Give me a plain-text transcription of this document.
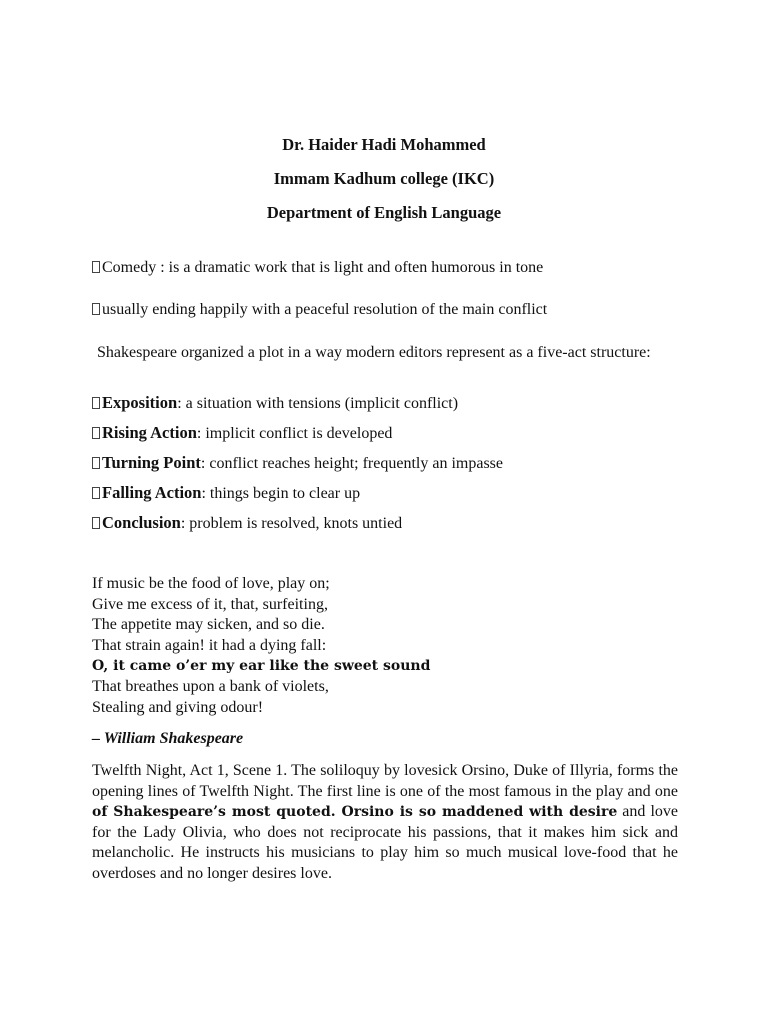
Dr. Haider Hadi Mohammed
Immam Kadhum college (IKC)
Department of English Language
Comedy : is a dramatic work that is light and often humorous in tone
usually ending happily with a peaceful resolution of the main conflict
Shakespeare organized a plot in a way modern editors represent as a five-act structure:
Exposition: a situation with tensions (implicit conflict)
Rising Action: implicit conflict is developed
Turning Point: conflict reaches height; frequently an impasse
Falling Action: things begin to clear up
Conclusion: problem is resolved, knots untied
If music be the food of love, play on;
Give me excess of it, that, surfeiting,
The appetite may sicken, and so die.
That strain again! it had a dying fall:
O, it came o’er my ear like the sweet sound
That breathes upon a bank of violets,
Stealing and giving odour!
– William Shakespeare
Twelfth Night, Act 1, Scene 1. The soliloquy by lovesick Orsino, Duke of Illyria, forms the opening lines of Twelfth Night. The first line is one of the most famous in the play and one of Shakespeare’s most quoted. Orsino is so maddened with desire and love for the Lady Olivia, who does not reciprocate his passions, that it makes him sick and melancholic. He instructs his musicians to play him so much musical love-food that he overdoses and no longer desires love.
